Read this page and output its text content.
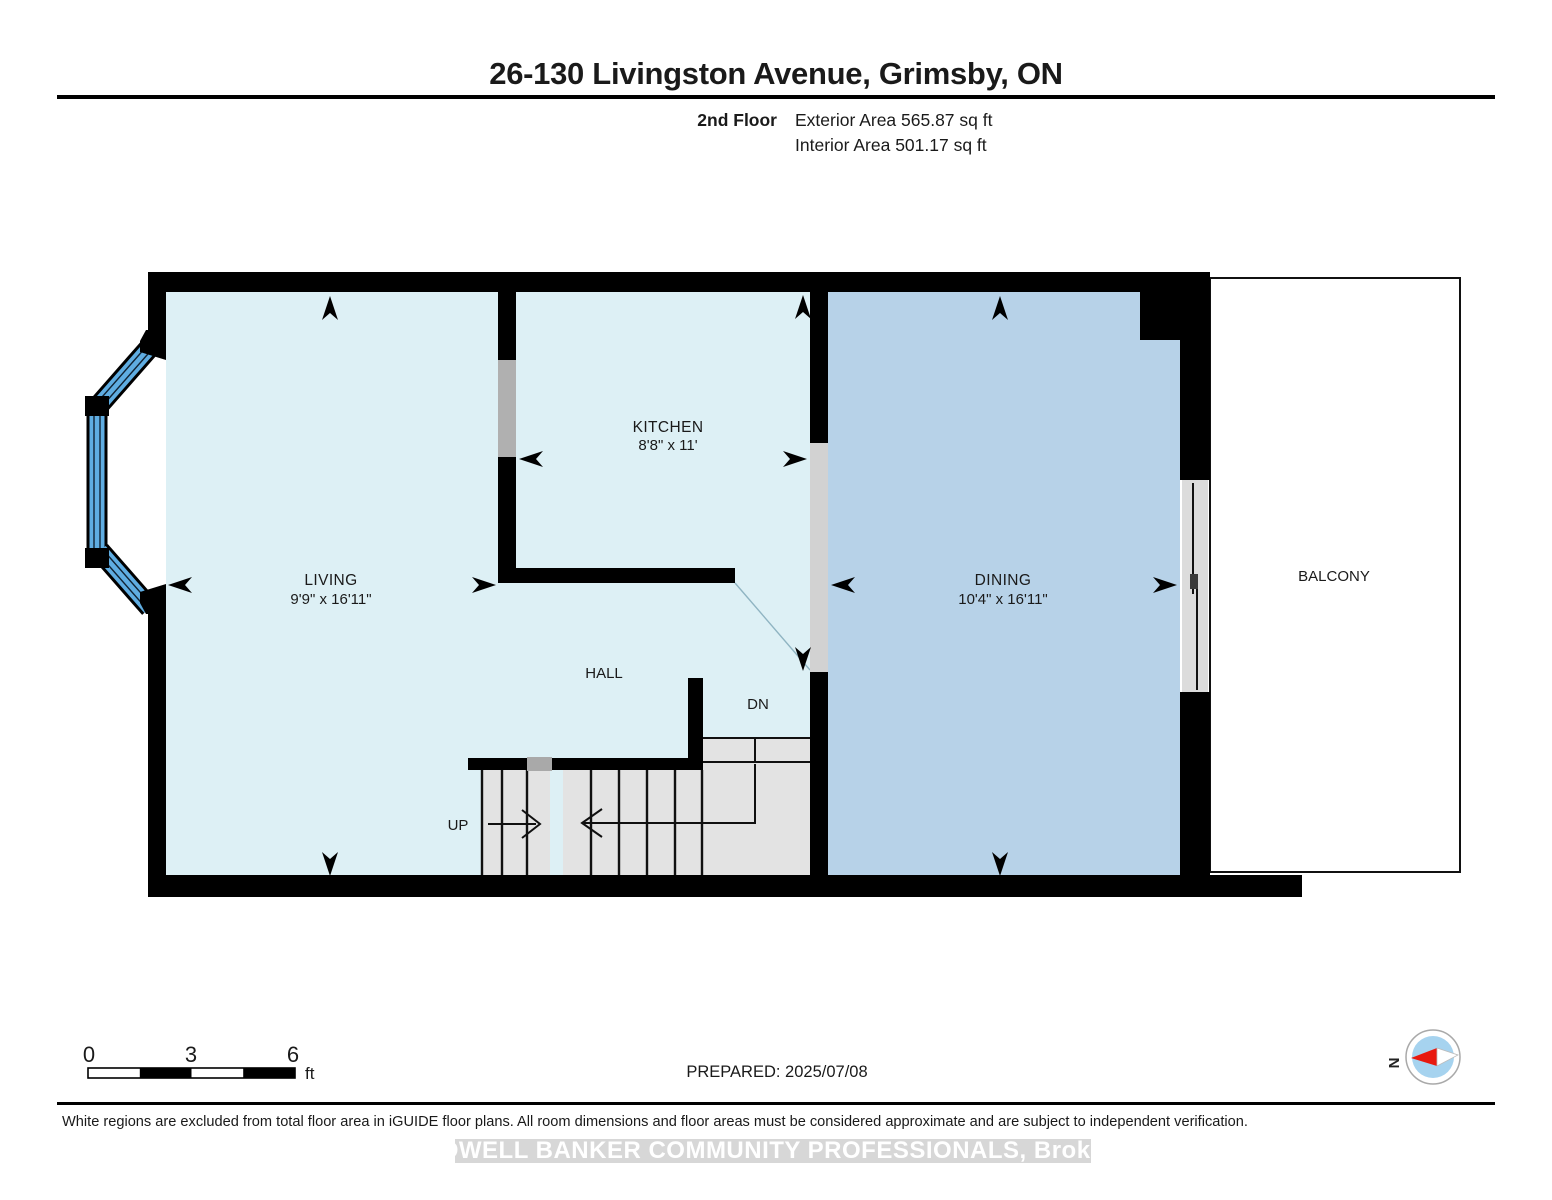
26-130 Livingston Avenue, Grimsby, ON
2nd Floor Exterior Area 565.87 sq ft
Interior Area 501.17 sq ft
LIVING
9'9" x 16'11"
KITCHEN
8'8" x 11'
DINING
10'4" x 16'11"
HALL
BALCONY
UP
DN
0	3	6
ft	PREPARED: 2025/07/08	N
White regions are excluded from total floor area in iGUIDE floor plans. All room dimensions and floor areas must be considered approximate and are subject to independent verification.
COLDWELL BANKER COMMUNITY PROFESSIONALS, Brokerage
